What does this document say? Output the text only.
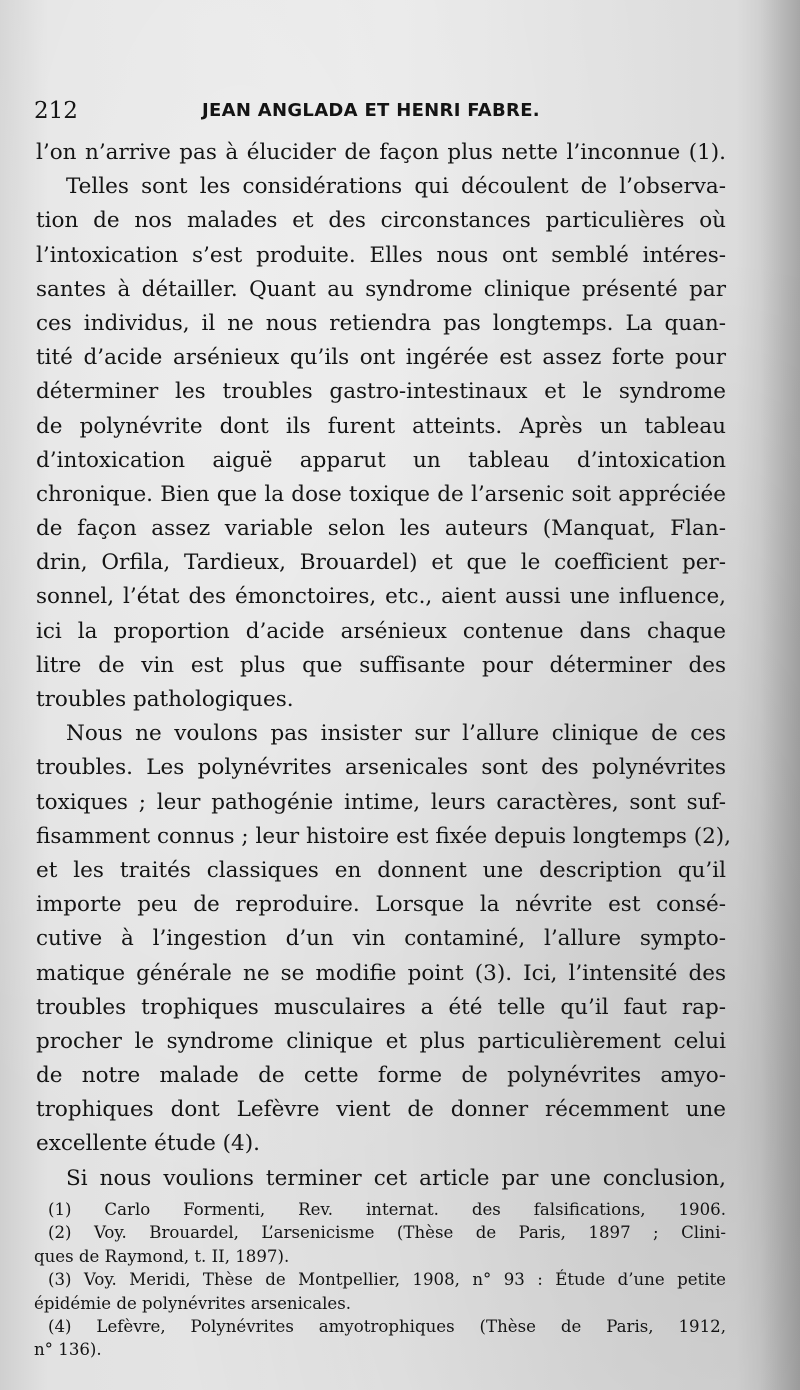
212	JEAN ANGLADA ET HENRI FABRE.
l’on n’arrive pas à élucider de façon plus nette l’inconnue (1).
Telles sont les considérations qui découlent de l’observa-
tion de nos malades et des circonstances particulières où
l’intoxication s’est produite. Elles nous ont semblé intéres-
santes à détailler. Quant au syndrome clinique présenté par
ces individus, il ne nous retiendra pas longtemps. La quan-
tité d’acide arsénieux qu’ils ont ingérée est assez forte pour
déterminer les troubles gastro-intestinaux et le syndrome
de polynévrite dont ils furent atteints. Après un tableau
d’intoxication aiguë apparut un tableau d’intoxication
chronique. Bien que la dose toxique de l’arsenic soit appréciée
de façon assez variable selon les auteurs (Manquat, Flan-
drin, Orfila, Tardieux, Brouardel) et que le coefficient per-
sonnel, l’état des émonctoires, etc., aient aussi une influence,
ici la proportion d’acide arsénieux contenue dans chaque
litre de vin est plus que suffisante pour déterminer des
troubles pathologiques.
Nous ne voulons pas insister sur l’allure clinique de ces
troubles. Les polynévrites arsenicales sont des polynévrites
toxiques ; leur pathogénie intime, leurs caractères, sont suf-
fisamment connus ; leur histoire est fixée depuis longtemps (2),
et les traités classiques en donnent une description qu’il
importe peu de reproduire. Lorsque la névrite est consé-
cutive à l’ingestion d’un vin contaminé, l’allure sympto-
matique générale ne se modifie point (3). Ici, l’intensité des
troubles trophiques musculaires a été telle qu’il faut rap-
procher le syndrome clinique et plus particulièrement celui
de notre malade de cette forme de polynévrites amyo-
trophiques dont Lefèvre vient de donner récemment une
excellente étude (4).
Si nous voulions terminer cet article par une conclusion,
(1) Carlo Formenti, Rev. internat. des falsifications, 1906.
(2) Voy. Brouardel, L’arsenicisme (Thèse de Paris, 1897 ; Clini-
ques de Raymond, t. II, 1897).
(3) Voy. Meridi, Thèse de Montpellier, 1908, n° 93 : Étude d’une petite
épidémie de polynévrites arsenicales.
(4) Lefèvre, Polynévrites amyotrophiques (Thèse de Paris, 1912,
n° 136).
